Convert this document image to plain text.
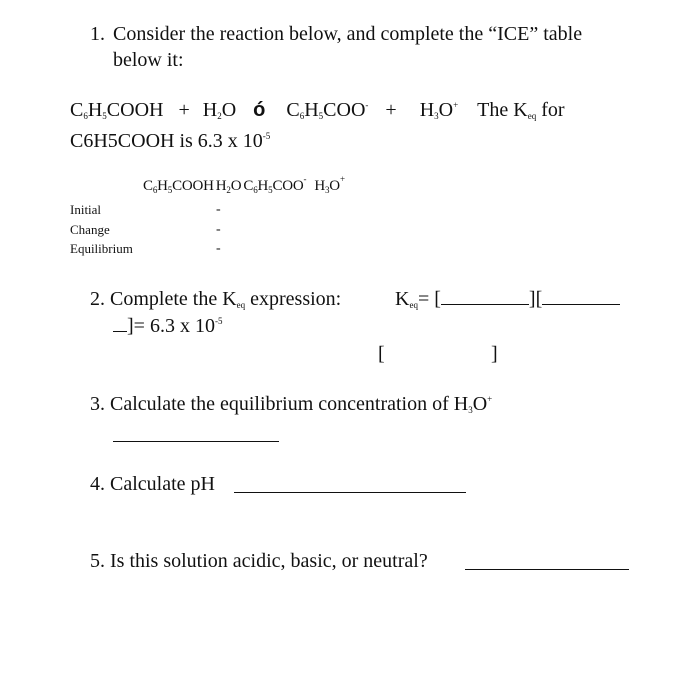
1. Consider the reaction below, and complete the “ICE” table
below it:
$C_6H_5COOH + H_2O$ ó $C_6H_5COO^- + H_3O^+$ The $K_{eq}$ for
C6H5COOH is 6.3 x $10^{-5}$
$C_6H_5COOH$ $H_2O$ $C_6H_5COO^-$ $H_3O^+$
Initial	-
Change	-
Equilibrium	-
2. Complete the $K_{eq}$ expression:	$K_{eq}=$ [	][
]= 6.3 x $10^{-5}$
[	]
3. Calculate the equilibrium concentration of $H_3O^+$
4. Calculate pH
5. Is this solution acidic, basic, or neutral?
